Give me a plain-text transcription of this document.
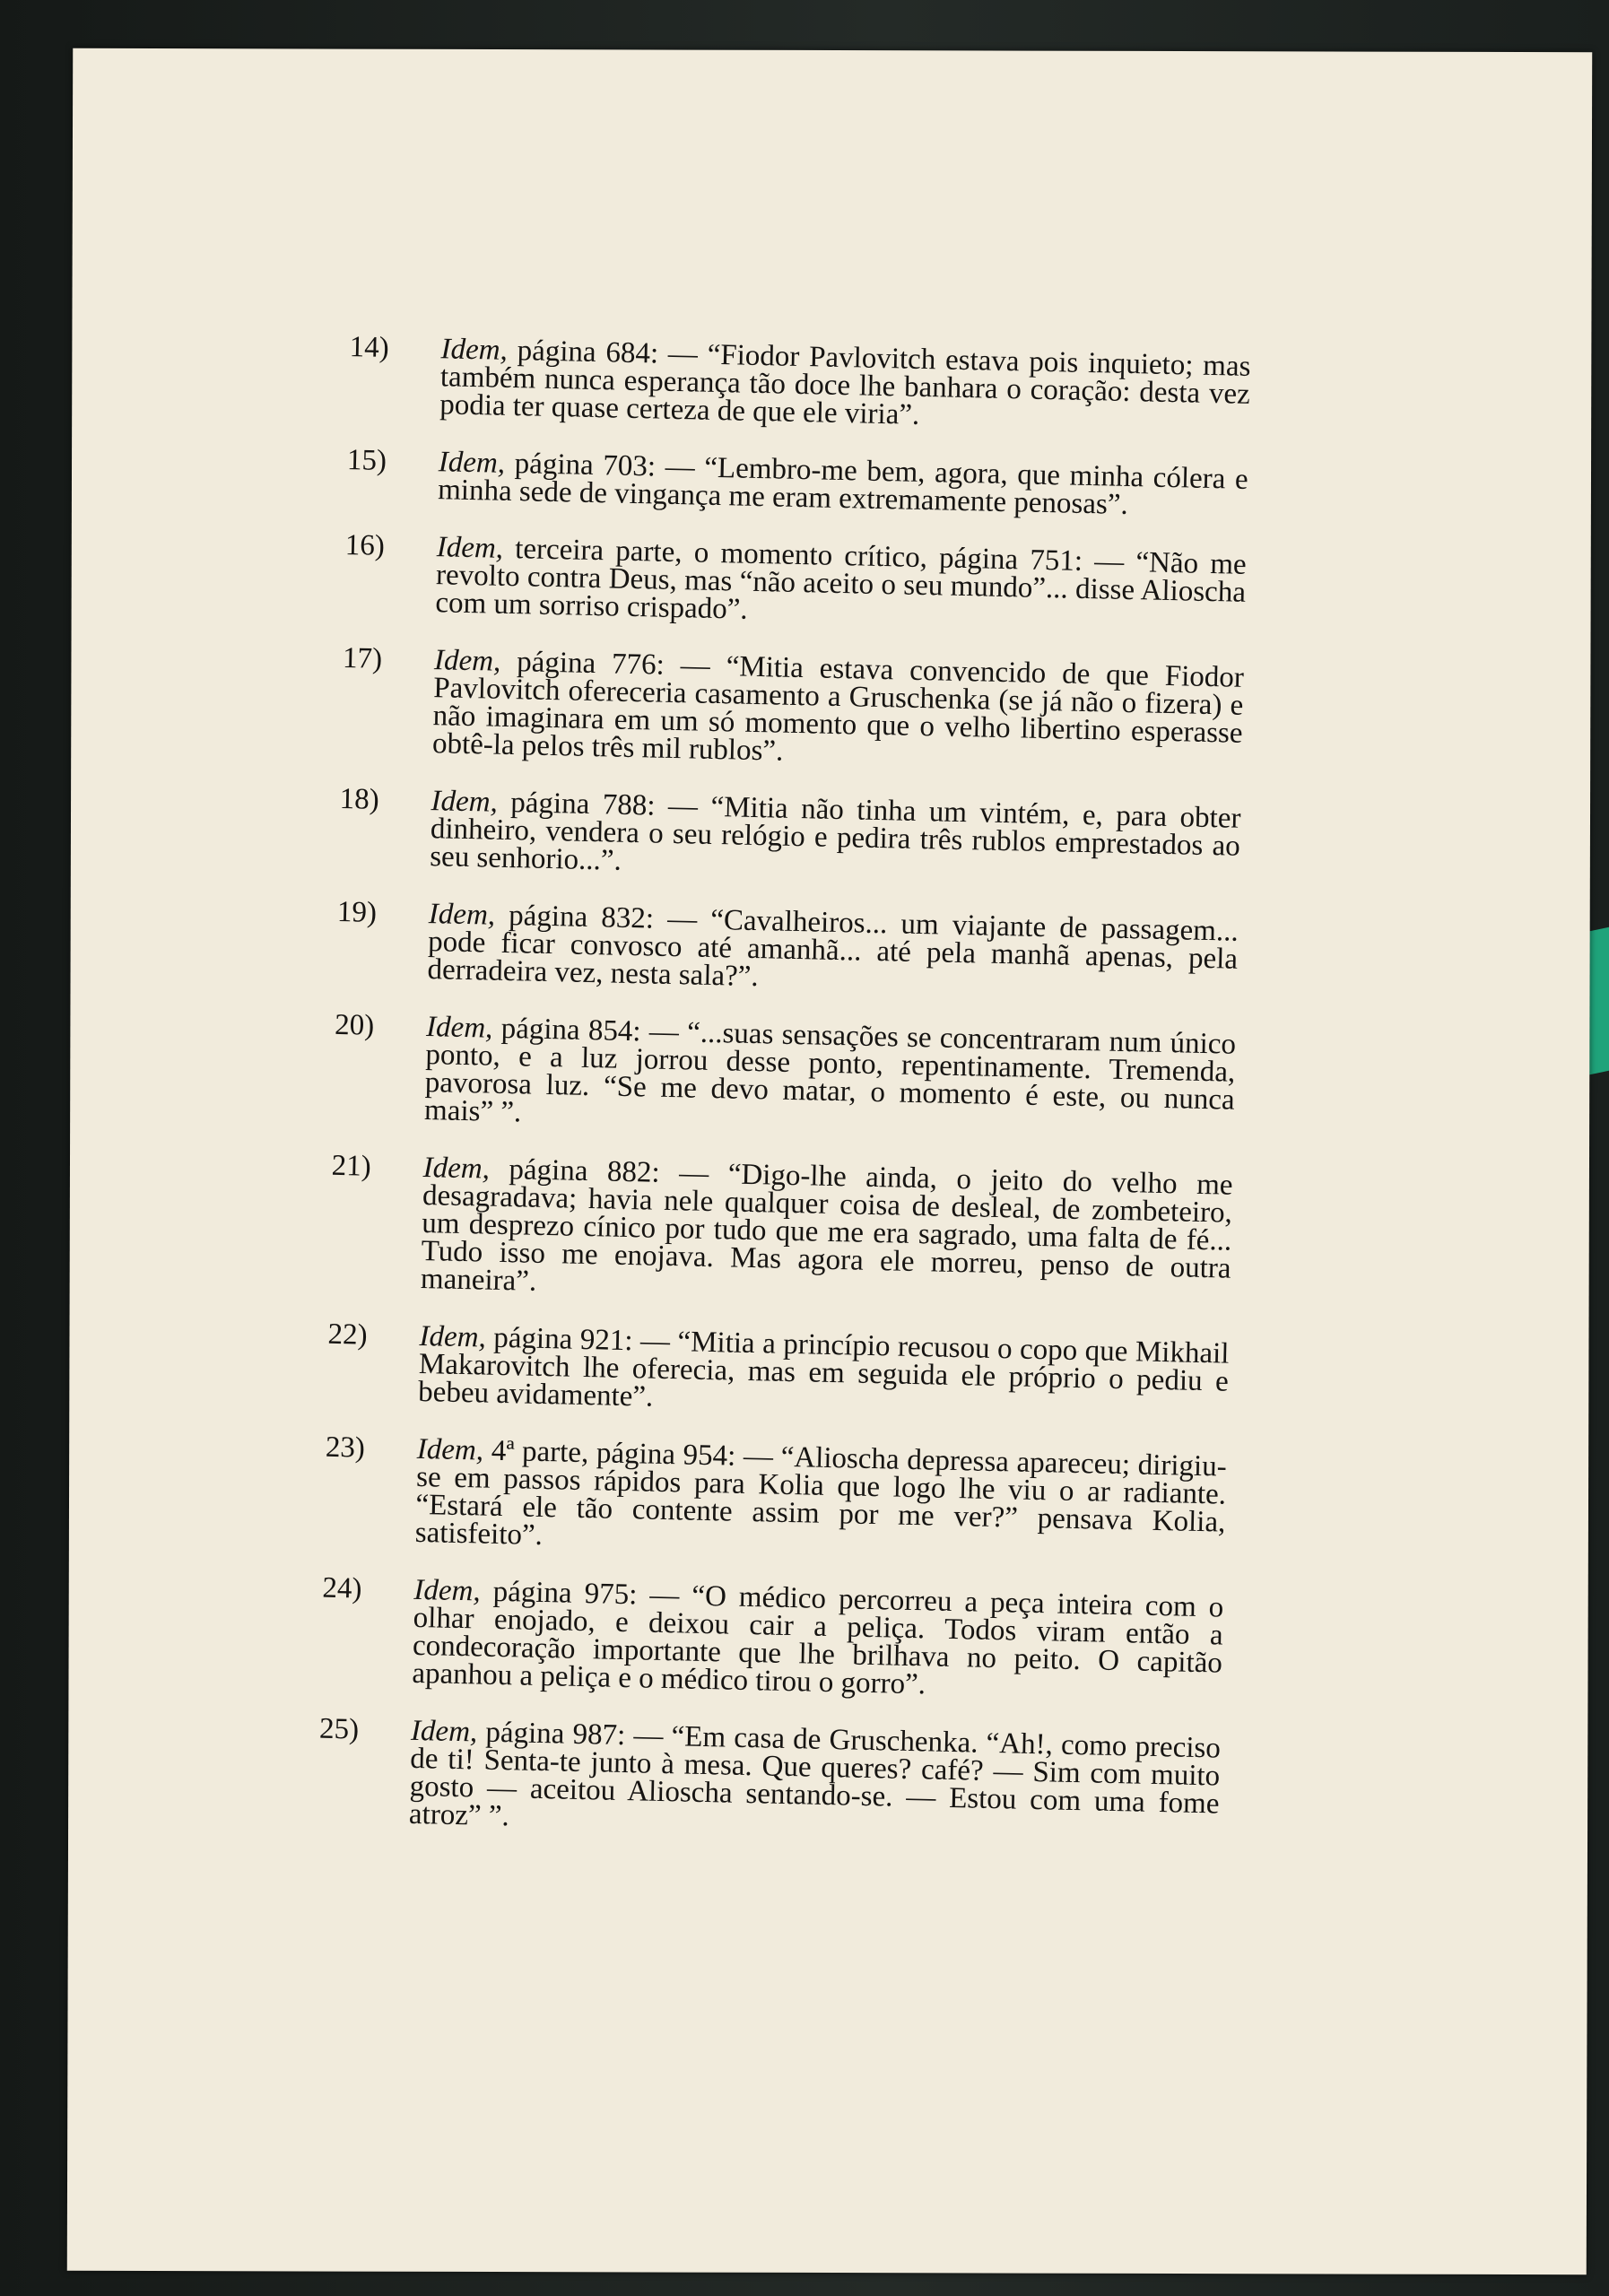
14)	Idem, página 684: — “Fiodor Pavlovitch estava pois inquieto; mas também nunca esperança tão doce lhe banhara o coração: desta vez podia ter quase certeza de que ele viria”.
15)	Idem, página 703: — “Lembro-me bem, agora, que minha cólera e minha sede de vingança me eram extremamente penosas”.
16)	Idem, terceira parte, o momento crítico, página 751: — “Não me revolto contra Deus, mas “não aceito o seu mundo”... disse Alioscha com um sorriso crispado”.
17)	Idem, página 776: — “Mitia estava convencido de que Fiodor Pavlovitch ofereceria casamento a Gruschenka (se já não o fizera) e não imaginara em um só momento que o velho libertino esperasse obtê-la pelos três mil rublos”.
18)	Idem, página 788: — “Mitia não tinha um vintém, e, para obter dinheiro, vendera o seu relógio e pedira três rublos emprestados ao seu senhorio...”.
19)	Idem, página 832: — “Cavalheiros... um viajante de passagem... pode ficar convosco até amanhã... até pela manhã apenas, pela derradeira vez, nesta sala?”.
20)	Idem, página 854: — “...suas sensações se concentraram num único ponto, e a luz jorrou desse ponto, repentinamente. Tremenda, pavorosa luz. “Se me devo matar, o momento é este, ou nunca mais” ”.
21)	Idem, página 882: — “Digo-lhe ainda, o jeito do velho me desagradava; havia nele qualquer coisa de desleal, de zombeteiro, um desprezo cínico por tudo que me era sagrado, uma falta de fé... Tudo isso me enojava. Mas agora ele morreu, penso de outra maneira”.
22)	Idem, página 921: — “Mitia a princípio recusou o copo que Mikhail Makarovitch lhe oferecia, mas em seguida ele próprio o pediu e bebeu avidamente”.
23)	Idem, 4ª parte, página 954: — “Alioscha depressa apareceu; dirigiu-se em passos rápidos para Kolia que logo lhe viu o ar radiante. “Estará ele tão contente assim por me ver?” pensava Kolia, satisfeito”.
24)	Idem, página 975: — “O médico percorreu a peça inteira com o olhar enojado, e deixou cair a peliça. Todos viram então a condecoração importante que lhe brilhava no peito. O capitão apanhou a peliça e o médico tirou o gorro”.
25)	Idem, página 987: — “Em casa de Gruschenka. “Ah!, como preciso de ti! Senta-te junto à mesa. Que queres? café? — Sim com muito gosto — aceitou Alioscha sentando-se. — Estou com uma fome atroz” ”.
